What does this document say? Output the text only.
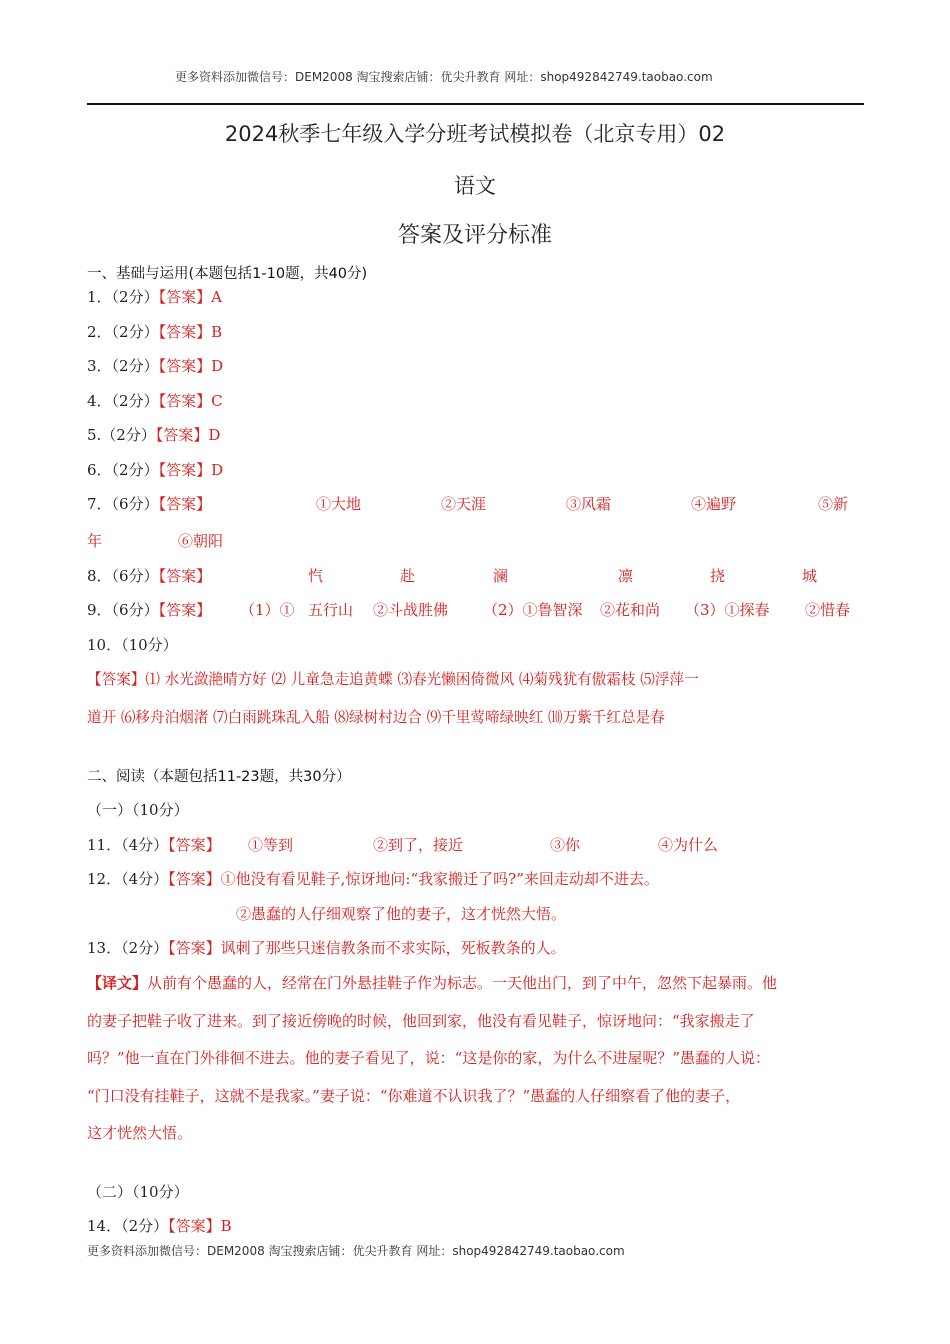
更多资料添加微信号：DEM2008 淘宝搜索店铺：优尖升教育 网址：shop492842749.taobao.com
2024秋季七年级入学分班考试模拟卷（北京专用）02
语文
答案及评分标准
一、基础与运用(本题包括1-10题，共40分)
1．（2分）【答案】A
2．（2分）【答案】B
3．（2分）【答案】D
4．（2分）【答案】C
5.（2分）【答案】D
6．（2分）【答案】D
7．（6分）【答案】	①大地	②天涯	③风霜	④遍野	⑤新
年	⑥朝阳
8．（6分）【答案】	忾	赴	澜	凛	挠	城
9．（6分）【答案】 （1）① 五行山 ②斗战胜佛 （2）①鲁智深 ②花和尚 （3）①探春 ②惜春
10．（10分）
【答案】⑴ 水光潋滟晴方好 ⑵ 儿童急走追黄蝶 ⑶春光懒困倚微风 ⑷菊残犹有傲霜枝 ⑸浮萍一
道开 ⑹移舟泊烟渚 ⑺白雨跳珠乱入船 ⑻绿树村边合 ⑼千里莺啼绿映红 ⑽万紫千红总是春
二、阅读（本题包括11-23题，共30分）
（一）（10分）
11．（4分）【答案】 ①等到	②到了，接近	③你	④为什么
12．（4分）【答案】①他没有看见鞋子,惊讶地问:“我家搬迁了吗?”来回走动却不进去。
②愚蠢的人仔细观察了他的妻子，这才恍然大悟。
13．（2分）【答案】讽刺了那些只迷信教条而不求实际，死板教条的人。
【译文】从前有个愚蠢的人，经常在门外悬挂鞋子作为标志。一天他出门，到了中午，忽然下起暴雨。他
的妻子把鞋子收了进来。到了接近傍晚的时候，他回到家，他没有看见鞋子，惊讶地问：“我家搬走了
吗？”他一直在门外徘徊不进去。他的妻子看见了，说：“这是你的家，为什么不进屋呢？”愚蠢的人说：
“门口没有挂鞋子，这就不是我家。”妻子说：“你难道不认识我了？”愚蠢的人仔细察看了他的妻子，
这才恍然大悟。
（二）（10分）
14．（2分）【答案】B
更多资料添加微信号：DEM2008 淘宝搜索店铺：优尖升教育 网址：shop492842749.taobao.com
